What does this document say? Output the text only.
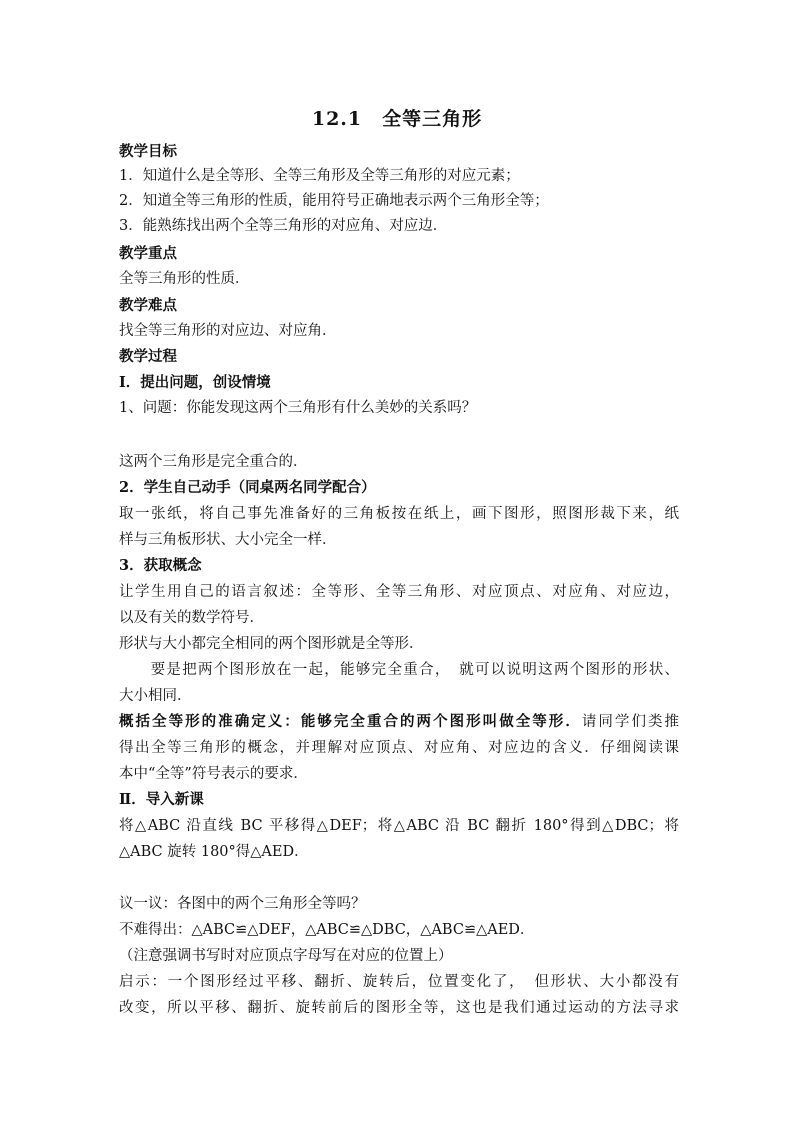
12.1　全等三角形
教学目标
1．知道什么是全等形、全等三角形及全等三角形的对应元素；
2．知道全等三角形的性质，能用符号正确地表示两个三角形全等；
3．能熟练找出两个全等三角形的对应角、对应边．
教学重点
全等三角形的性质．
教学难点
找全等三角形的对应边、对应角．
教学过程
Ⅰ．提出问题，创设情境
1、问题：你能发现这两个三角形有什么美妙的关系吗？
这两个三角形是完全重合的．
2．学生自己动手（同桌两名同学配合）
取一张纸，将自己事先准备好的三角板按在纸上，画下图形，照图形裁下来，纸
样与三角板形状、大小完全一样．
3．获取概念
让学生用自己的语言叙述：全等形、全等三角形、对应顶点、对应角、对应边，
以及有关的数学符号．
形状与大小都完全相同的两个图形就是全等形．
　　要是把两个图形放在一起，能够完全重合，　就可以说明这两个图形的形状、
大小相同．
概括全等形的准确定义：能够完全重合的两个图形叫做全等形．请同学们类推
得出全等三角形的概念，并理解对应顶点、对应角、对应边的含义．仔细阅读课
本中“全等”符号表示的要求．
Ⅱ．导入新课
将△ABC 沿直线 BC 平移得△DEF；将△ABC 沿 BC 翻折 180°得到△DBC；将
△ABC 旋转 180°得△AED．
议一议：各图中的两个三角形全等吗？
不难得出：△ABC≌△DEF，△ABC≌△DBC，△ABC≌△AED．
（注意强调书写时对应顶点字母写在对应的位置上）
启示：一个图形经过平移、翻折、旋转后，位置变化了，　但形状、大小都没有
改变，所以平移、翻折、旋转前后的图形全等，这也是我们通过运动的方法寻求
